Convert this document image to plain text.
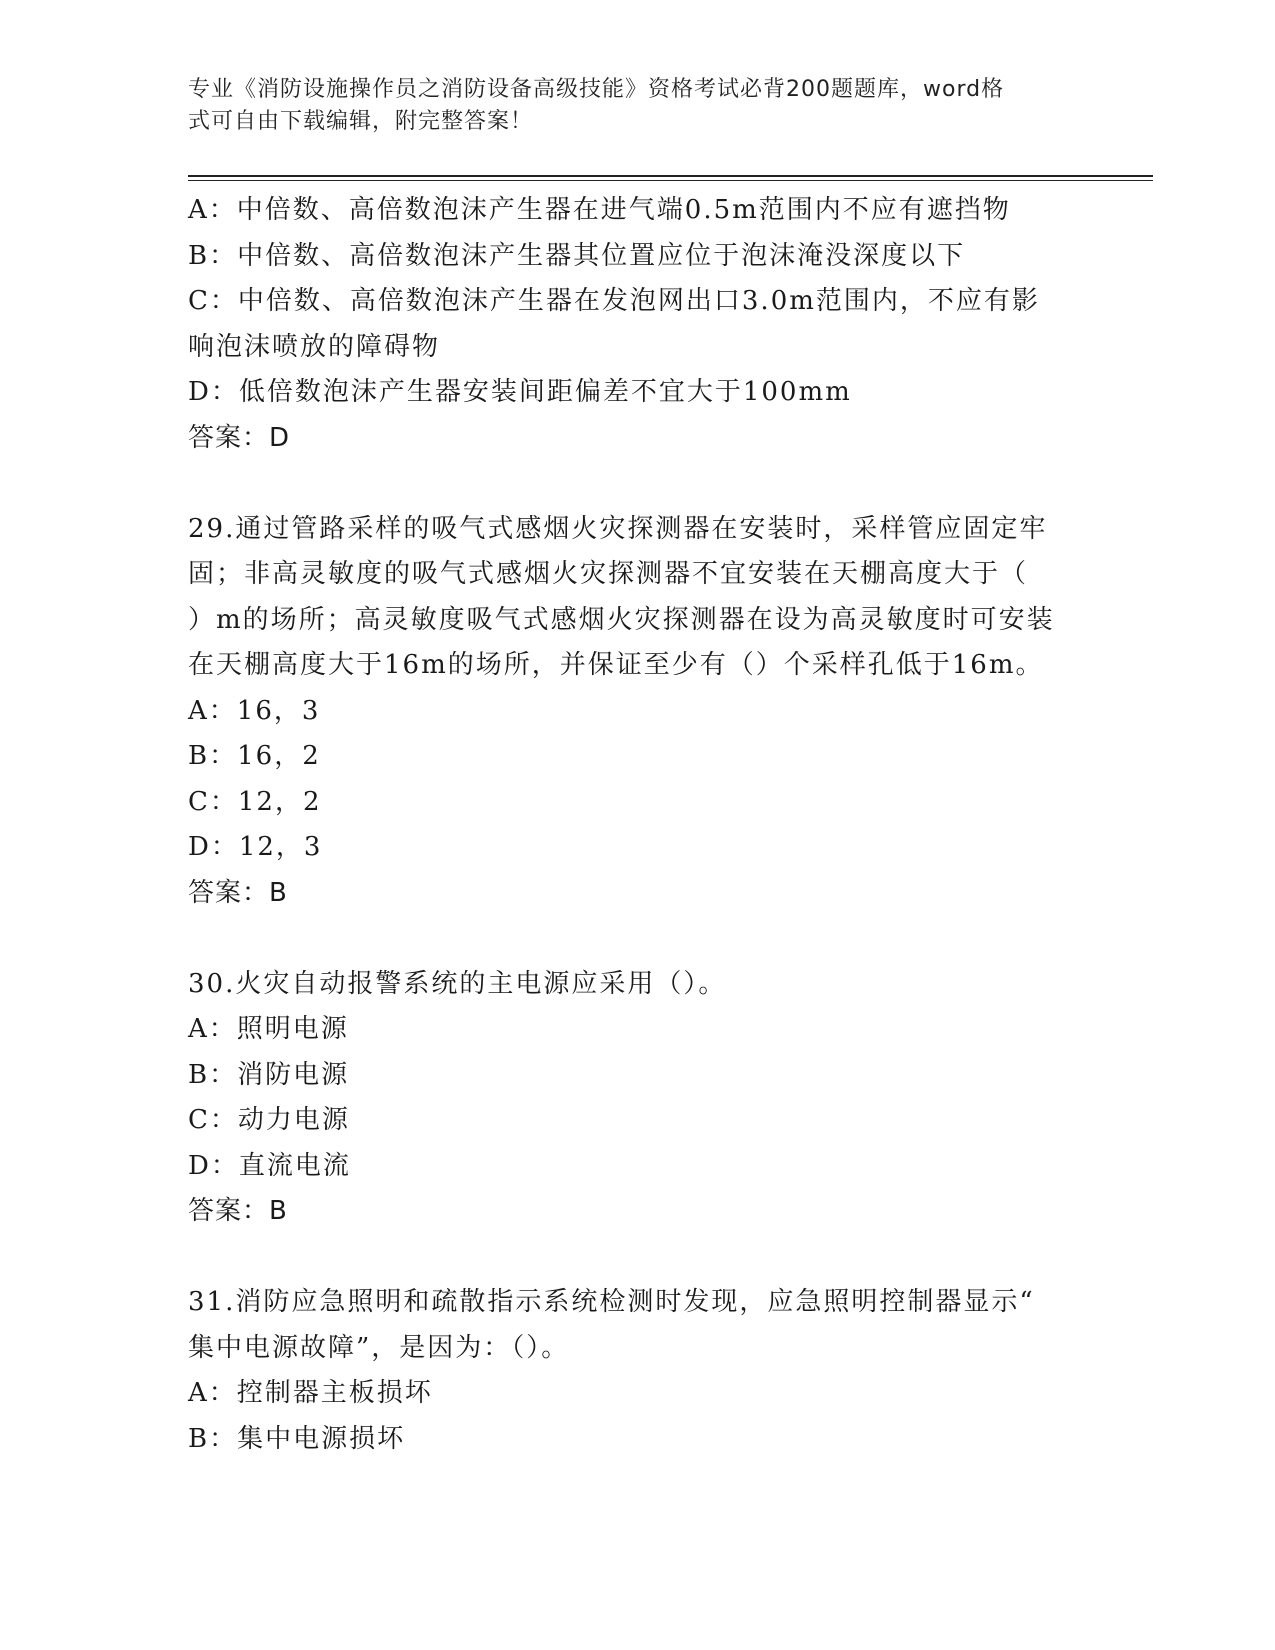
专业《消防设施操作员之消防设备高级技能》资格考试必背200题题库，word格
式可自由下载编辑，附完整答案！
A：中倍数、高倍数泡沫产生器在进气端0.5m范围内不应有遮挡物
B：中倍数、高倍数泡沫产生器其位置应位于泡沫淹没深度以下
C：中倍数、高倍数泡沫产生器在发泡网出口3.0m范围内，不应有影
响泡沫喷放的障碍物
D：低倍数泡沫产生器安装间距偏差不宜大于100mm
答案：D
29.通过管路采样的吸气式感烟火灾探测器在安装时，采样管应固定牢
固；非高灵敏度的吸气式感烟火灾探测器不宜安装在天棚高度大于（
）m的场所；高灵敏度吸气式感烟火灾探测器在设为高灵敏度时可安装
在天棚高度大于16m的场所，并保证至少有（）个采样孔低于16m。
A：16，3
B：16，2
C：12，2
D：12，3
答案：B
30.火灾自动报警系统的主电源应采用（）。
A：照明电源
B：消防电源
C：动力电源
D：直流电流
答案：B
31.消防应急照明和疏散指示系统检测时发现，应急照明控制器显示“
集中电源故障”，是因为：（）。
A：控制器主板损坏
B：集中电源损坏
